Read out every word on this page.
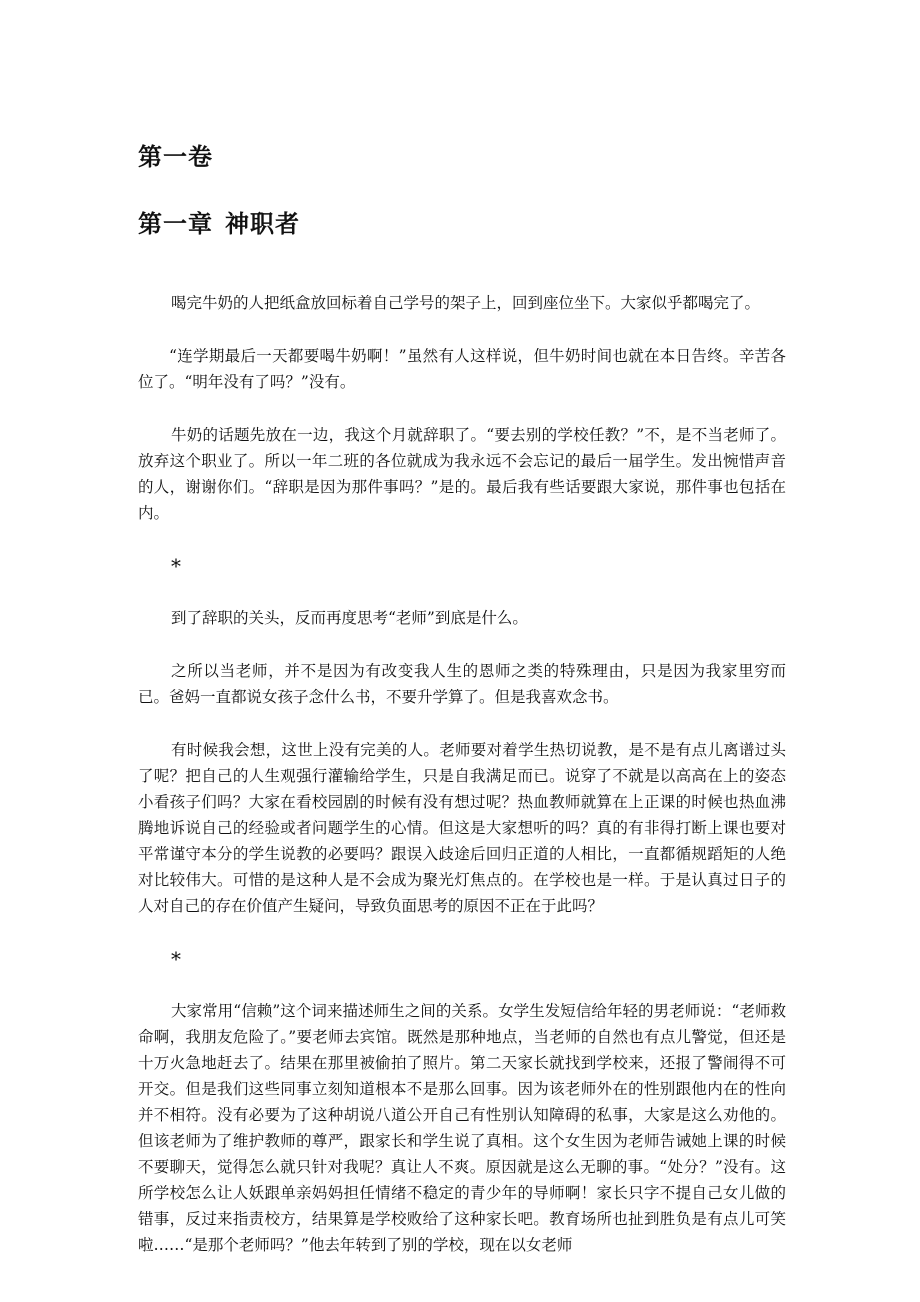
第一卷
第一章 神职者

喝完牛奶的人把纸盒放回标着自己学号的架子上，回到座位坐下。大家似乎都喝完了。

“连学期最后一天都要喝牛奶啊！”虽然有人这样说，但牛奶时间也就在本日告终。辛苦各位了。“明年没有了吗？”没有。

牛奶的话题先放在一边，我这个月就辞职了。“要去别的学校任教？”不，是不当老师了。放弃这个职业了。所以一年二班的各位就成为我永远不会忘记的最后一届学生。发出惋惜声音的人，谢谢你们。“辞职是因为那件事吗？”是的。最后我有些话要跟大家说，那件事也包括在内。

*

到了辞职的关头，反而再度思考“老师”到底是什么。

之所以当老师，并不是因为有改变我人生的恩师之类的特殊理由，只是因为我家里穷而已。爸妈一直都说女孩子念什么书，不要升学算了。但是我喜欢念书。

有时候我会想，这世上没有完美的人。老师要对着学生热切说教，是不是有点儿离谱过头了呢？把自己的人生观强行灌输给学生，只是自我满足而已。说穿了不就是以高高在上的姿态小看孩子们吗？大家在看校园剧的时候有没有想过呢？热血教师就算在上正课的时候也热血沸腾地诉说自己的经验或者问题学生的心情。但这是大家想听的吗？真的有非得打断上课也要对平常谨守本分的学生说教的必要吗？跟误入歧途后回归正道的人相比，一直都循规蹈矩的人绝对比较伟大。可惜的是这种人是不会成为聚光灯焦点的。在学校也是一样。于是认真过日子的人对自己的存在价值产生疑问，导致负面思考的原因不正在于此吗？

*

大家常用“信赖”这个词来描述师生之间的关系。女学生发短信给年轻的男老师说：“老师救命啊，我朋友危险了。”要老师去宾馆。既然是那种地点，当老师的自然也有点儿警觉，但还是十万火急地赶去了。结果在那里被偷拍了照片。第二天家长就找到学校来，还报了警闹得不可开交。但是我们这些同事立刻知道根本不是那么回事。因为该老师外在的性别跟他内在的性向并不相符。没有必要为了这种胡说八道公开自己有性别认知障碍的私事，大家是这么劝他的。但该老师为了维护教师的尊严，跟家长和学生说了真相。这个女生因为老师告诫她上课的时候不要聊天，觉得怎么就只针对我呢？真让人不爽。原因就是这么无聊的事。“处分？”没有。这所学校怎么让人妖跟单亲妈妈担任情绪不稳定的青少年的导师啊！家长只字不提自己女儿做的错事，反过来指责校方，结果算是学校败给了这种家长吧。教育场所也扯到胜负是有点儿可笑啦……“是那个老师吗？”他去年转到了别的学校，现在以女老师
